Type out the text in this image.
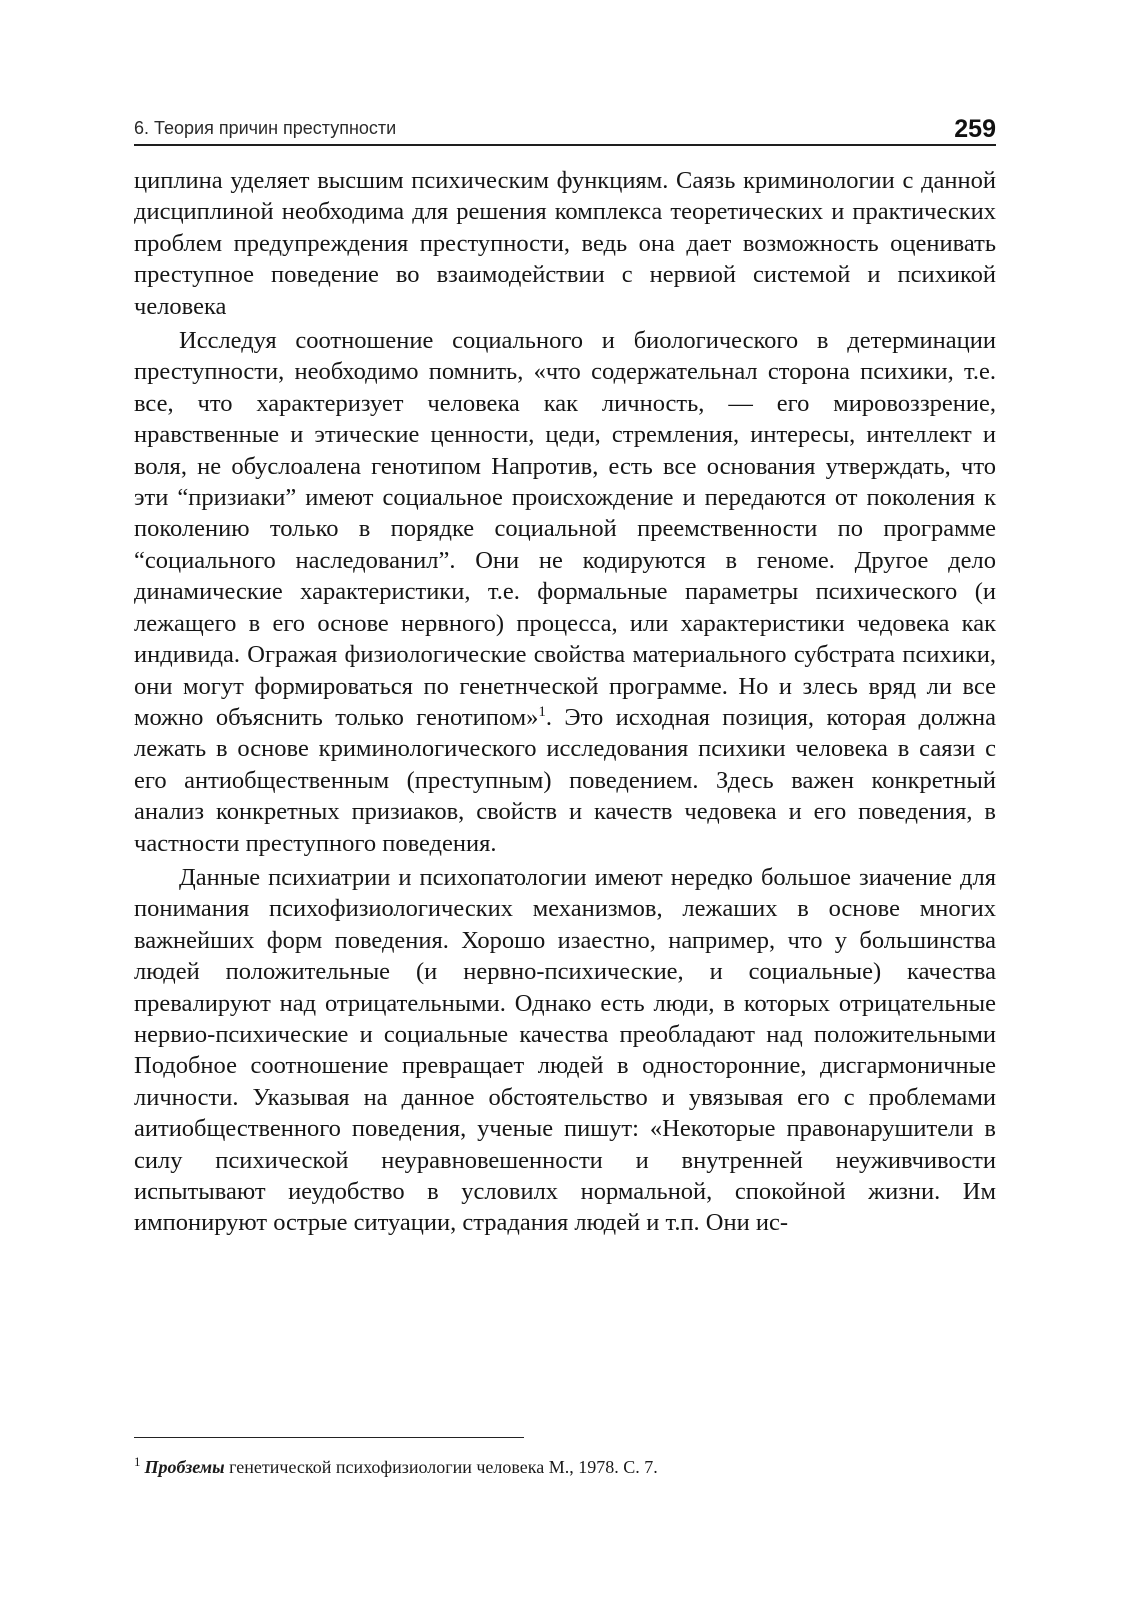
6. Теория причин преступности	259

циплина уделяет высшим психическим функциям. Саязь криминологии с данной дисциплиной необходима для решения комплекса теоретических и практических проблем предупреждения преступности, ведь она дает возможность оценивать преступное поведение во взаимодействии с нервиой системой и психикой человека

Исследуя соотношение социального и биологического в детерминации преступности, необходимо помнить, «что содержательнал сторона психики, т.е. все, что характеризует человека как личность, — его мировоззрение, нравственные и этические ценности, цеди, стремления, интересы, интеллект и воля, не обуслоалена генотипом Напротив, есть все основания утверждать, что эти “призиаки” имеют социальное происхождение и передаются от поколения к поколению только в порядке социальной преемственности по программе “социального наследованил”. Они не кодируются в геноме. Другое дело динамические характеристики, т.е. формальные параметры психического (и лежащего в его основе нервного) процесса, или характеристики чедовека как индивида. Огражая физиологические свойства материального субстрата психики, они могут формироваться по генетнческой программе. Но и злесь вряд ли все можно объяснить только генотипом»$^1$. Это исходная позиция, которая должна лежать в основе криминологического исследования психики человека в саязи с его антиобщественным (преступным) поведением. Здесь важен конкретный анализ конкретных призиаков, свойств и качеств чедовека и его поведения, в частности преступного поведения.

Данные психиатрии и психопатологии имеют нередко большое зиачение для понимания психофизиологических механизмов, лежаших в основе многих важнейших форм поведения. Хорошо изаестно, например, что у большинства людей положительные (и нервно-психические, и социальные) качества превалируют над отрицательными. Однако есть люди, в которых отрицательные нервио-психические и социальные качества преобладают над положительными Подобное соотношение превращает людей в односторонние, дисгармоничные личности. Указывая на данное обстоятельство и увязывая его с проблемами аитиобщественного поведения, ученые пишут: «Некоторые правонарушители в силу психической неуравновешенности и внутренней неуживчивости испытывают иеудобство в условилх нормальной, спокойной жизни. Им импонируют острые ситуации, страдания людей и т.п. Они ис-

$^1$ Пробземы генетической психофизиологии человека М., 1978. С. 7.
